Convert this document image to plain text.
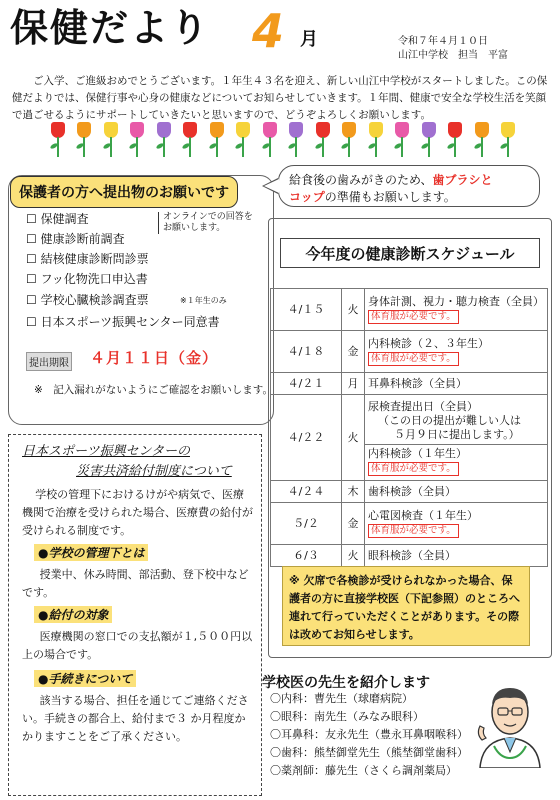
保健だより 4 月	令和７年４月１０日
山江中学校　担当　平富
ご入学、ご進級おめでとうございます。１年生４３名を迎え、新しい山江中学校がスタートしました。この保健だよりでは、保健行事や心身の健康などについてお知らせしていきます。１年間、健康で安全な学校生活を笑顔で過ごせるようにサポートしていきたいと思いますので、どうぞよろしくお願いします。
保護者の方へ提出物のお願いです
☐ 保健調査
☐ 健康診断前調査
☐ 結核健康診断問診票
☐ フッ化物洗口申込書
☐ 学校心臓検診調査票
☐ 日本スポーツ振興センター同意書
オンラインでの回答をお願いします。
※１年生のみ
提出期限 ４月１１日（金）
※　記入漏れがないようにご確認をお願いします。
給食後の歯みがきのため、歯ブラシと
コップの準備もお願いします。
今年度の健康診断スケジュール
４/１５	火	身体計測、視力・聴力検査（全員）
体育服が必要です。
４/１８	金	内科検診（２、３年生）
体育服が必要です。
４/２１	月	耳鼻科検診（全員）
４/２２	火	尿検査提出日（全員）
（この日の提出が難しい人は
５月９日に提出します。）
内科検診（１年生）
体育服が必要です。
４/２４	木	歯科検診（全員）
５/２	金	心電図検査（１年生）
体育服が必要です。
６/３	火	眼科検診（全員）
※ 欠席で各検診が受けられなかった場合、保護者の方に直接学校医（下記参照）のところへ連れて行っていただくことがあります。その際は改めてお知らせします。
日本スポーツ振興センターの
災害共済給付制度について
学校の管理下におけるけがや病気で、医療機関で治療を受けられた場合、医療費の給付が受けられる制度です。
●学校の管理下とは
授業中、休み時間、部活動、登下校中などです。
●給付の対象
医療機関の窓口での支払額が１,５００円以上の場合です。
●手続きについて
該当する場合、担任を通じてご連絡ください。手続きの都合上、給付まで３ か月程度かかりますことをご了承ください。
学校医の先生を紹介します
〇内科：曹先生（球磨病院）
〇眼科：南先生（みなみ眼科）
〇耳鼻科：友永先生（豊永耳鼻咽喉科）
〇歯科：熊埜御堂先生（熊埜御堂歯科）
〇薬剤師：藤先生（さくら調剤薬局）
